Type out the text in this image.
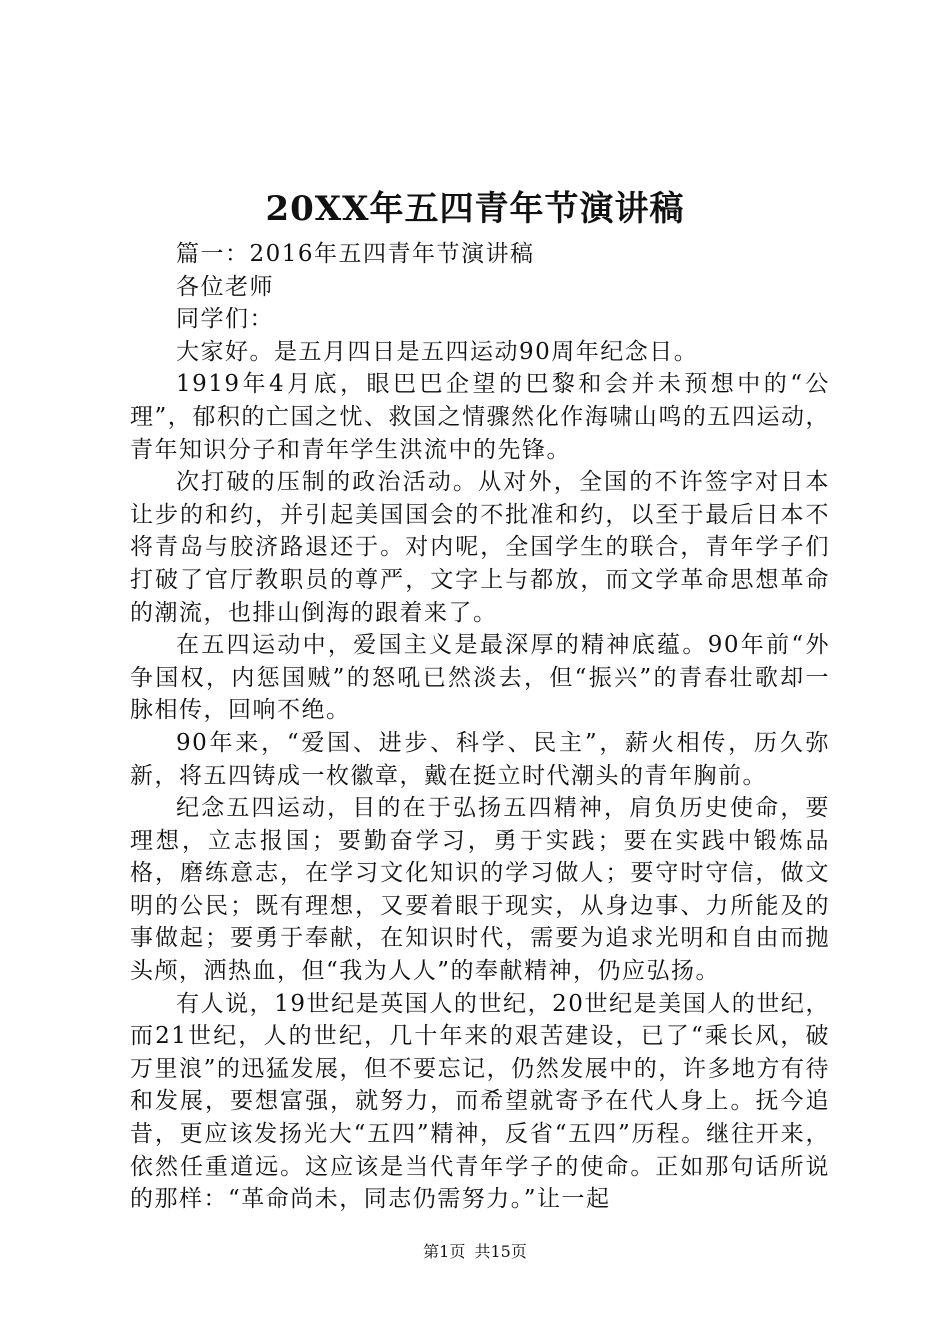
20XX年五四青年节演讲稿

篇一：2016年五四青年节演讲稿

各位老师

同学们：

大家好。是五月四日是五四运动90周年纪念日。

1919年4月底，眼巴巴企望的巴黎和会并未预想中的“公理”，郁积的亡国之忧、救国之情骤然化作海啸山鸣的五四运动，青年知识分子和青年学生洪流中的先锋。

次打破的压制的政治活动。从对外，全国的不许签字对日本让步的和约，并引起美国国会的不批准和约，以至于最后日本不将青岛与胶济路退还于。对内呢，全国学生的联合，青年学子们打破了官厅教职员的尊严，文字上与都放，而文学革命思想革命的潮流，也排山倒海的跟着来了。

在五四运动中，爱国主义是最深厚的精神底蕴。90年前“外争国权，内惩国贼”的怒吼已然淡去，但“振兴”的青春壮歌却一脉相传，回响不绝。

90年来，“爱国、进步、科学、民主”，薪火相传，历久弥新，将五四铸成一枚徽章，戴在挺立时代潮头的青年胸前。

纪念五四运动，目的在于弘扬五四精神，肩负历史使命，要理想，立志报国；要勤奋学习，勇于实践；要在实践中锻炼品格，磨练意志，在学习文化知识的学习做人；要守时守信，做文明的公民；既有理想，又要着眼于现实，从身边事、力所能及的事做起；要勇于奉献，在知识时代，需要为追求光明和自由而抛头颅，洒热血，但“我为人人”的奉献精神，仍应弘扬。

有人说，19世纪是英国人的世纪，20世纪是美国人的世纪，而21世纪，人的世纪，几十年来的艰苦建设，已了“乘长风，破万里浪”的迅猛发展，但不要忘记，仍然发展中的，许多地方有待和发展，要想富强，就努力，而希望就寄予在代人身上。抚今追昔，更应该发扬光大“五四”精神，反省“五四”历程。继往开来，依然任重道远。这应该是当代青年学子的使命。正如那句话所说的那样：“革命尚未，同志仍需努力。”让一起

第1页 共15页
